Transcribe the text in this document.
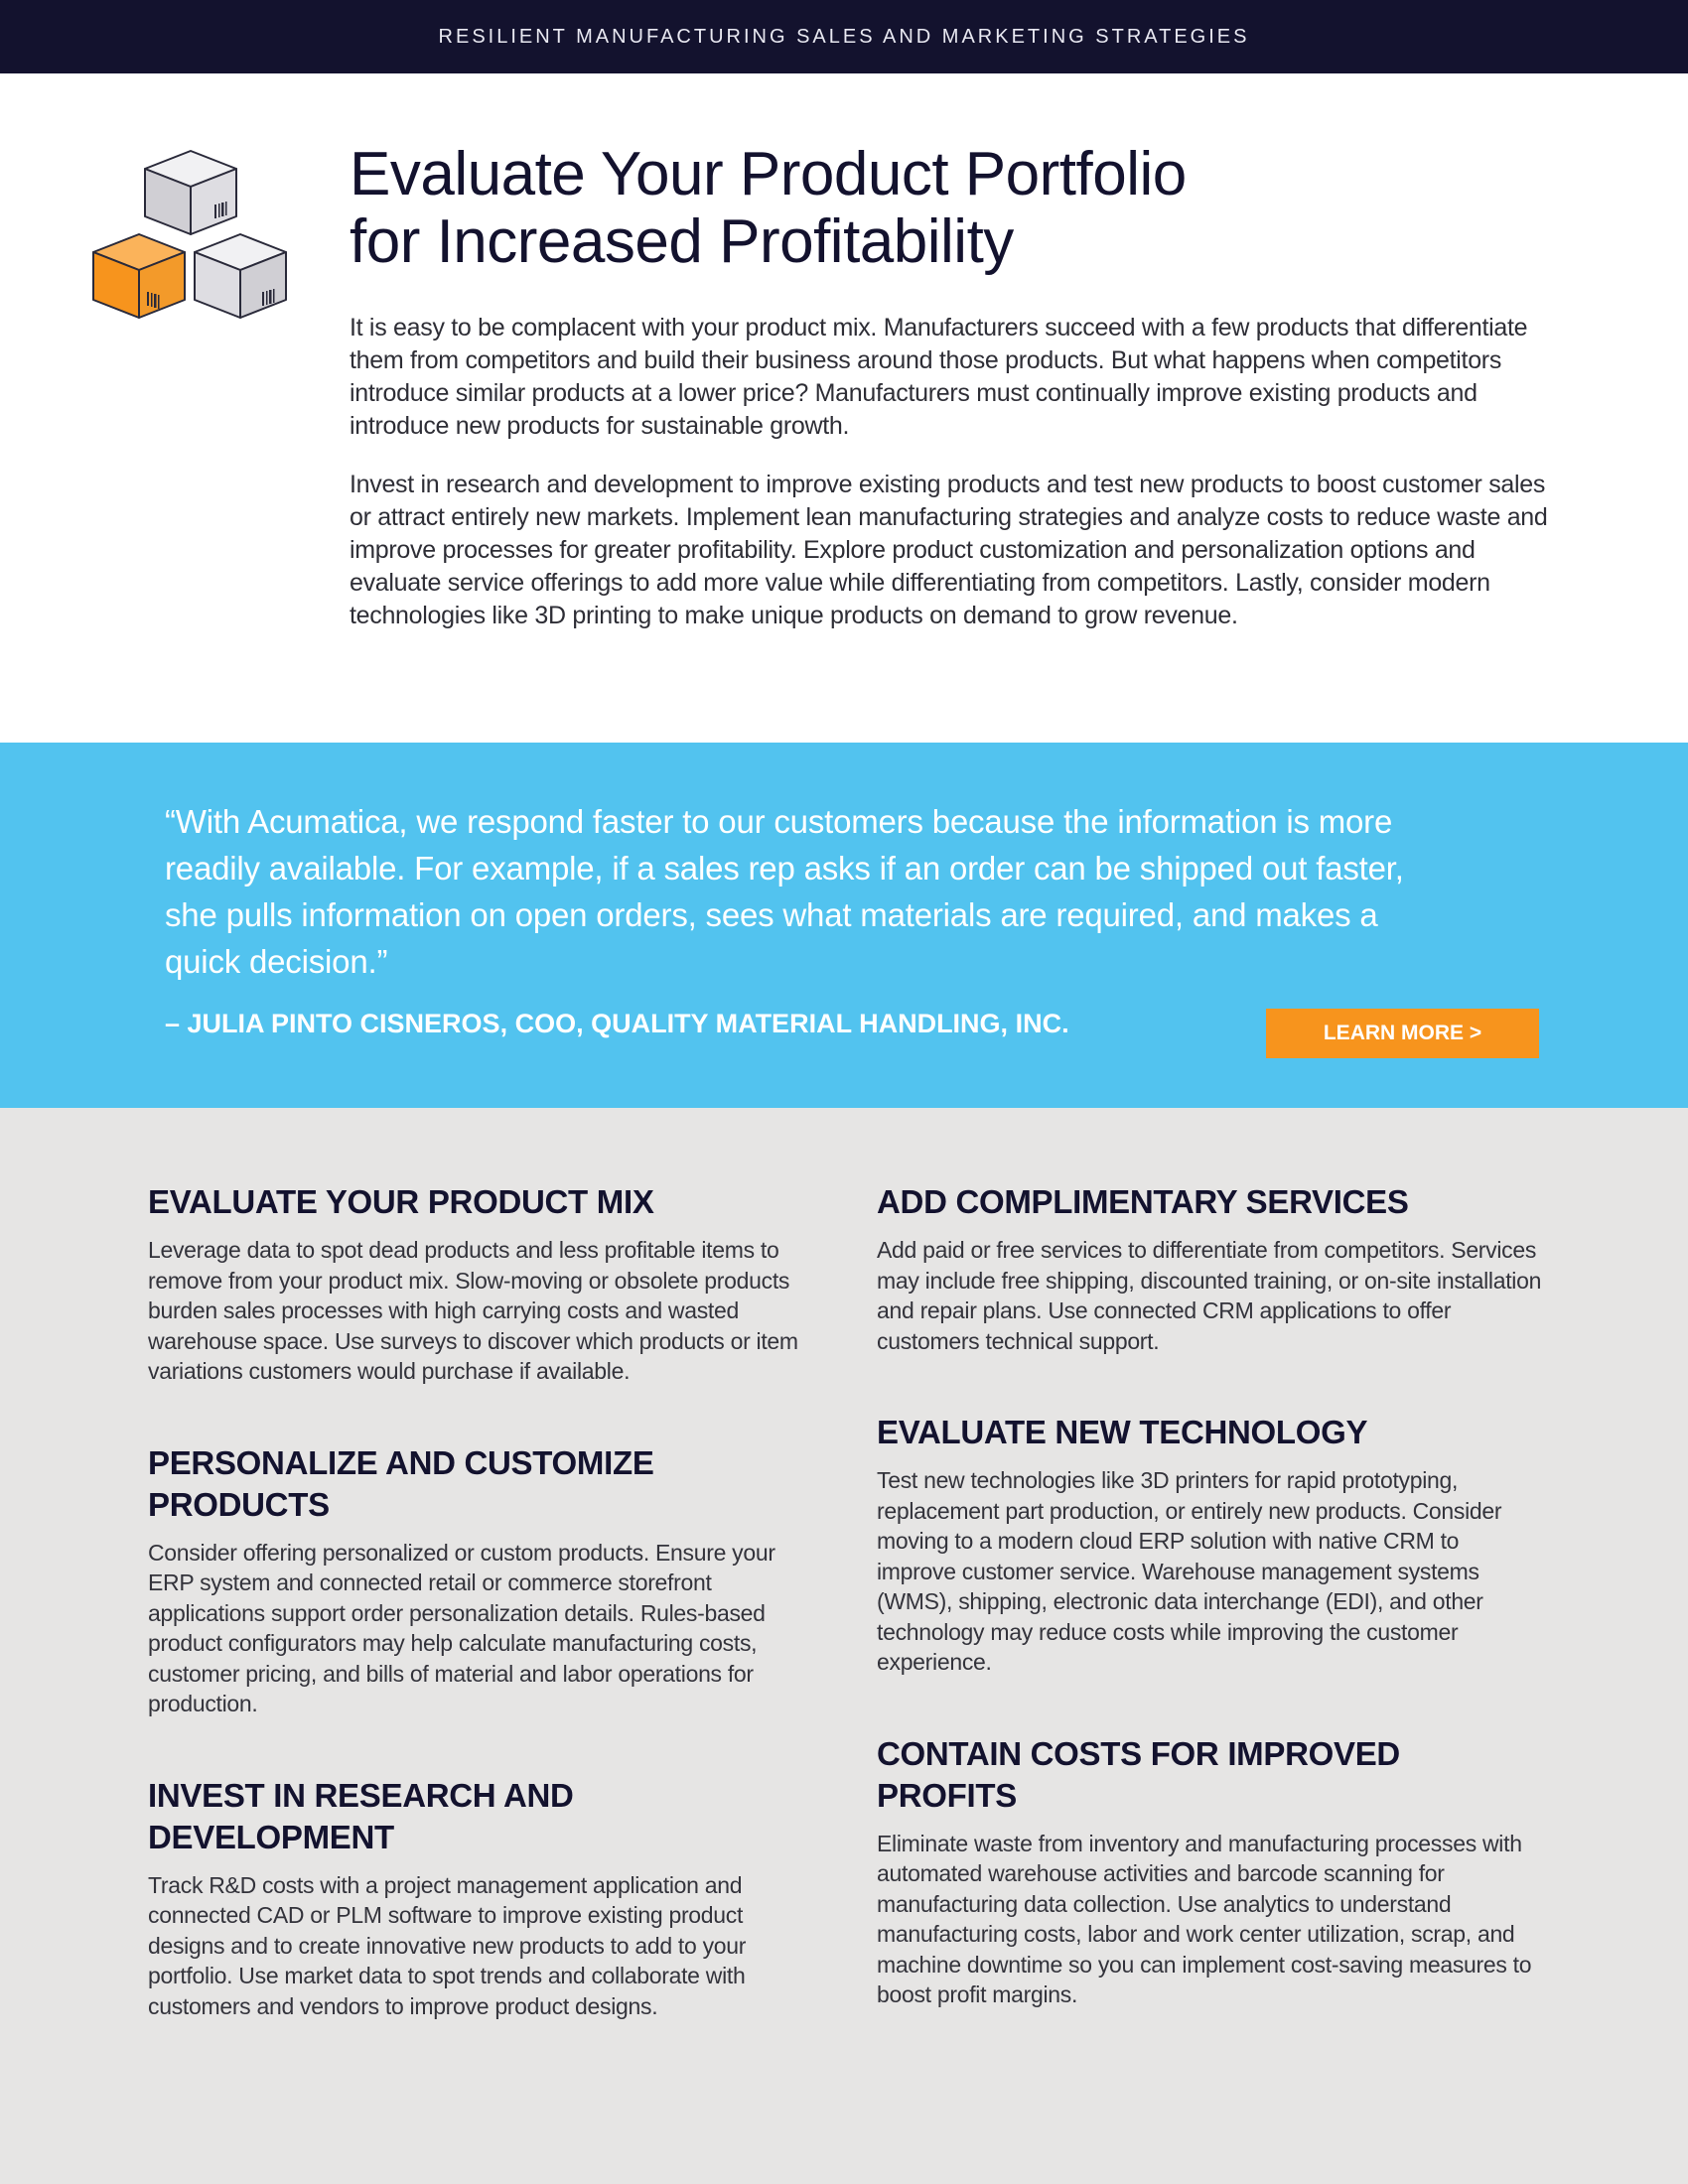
RESILIENT MANUFACTURING SALES AND MARKETING STRATEGIES
Evaluate Your Product Portfolio
for Increased Profitability

It is easy to be complacent with your product mix. Manufacturers succeed with a few products that differentiate them from competitors and build their business around those products. But what happens when competitors introduce similar products at a lower price? Manufacturers must continually improve existing products and introduce new products for sustainable growth.

Invest in research and development to improve existing products and test new products to boost customer sales or attract entirely new markets. Implement lean manufacturing strategies and analyze costs to reduce waste and improve processes for greater profitability. Explore product customization and personalization options and evaluate service offerings to add more value while differentiating from competitors. Lastly, consider modern technologies like 3D printing to make unique products on demand to grow revenue.

“With Acumatica, we respond faster to our customers because the information is more readily available. For example, if a sales rep asks if an order can be shipped out faster, she pulls information on open orders, sees what materials are required, and makes a quick decision.”

– JULIA PINTO CISNEROS, COO, QUALITY MATERIAL HANDLING, INC.	LEARN MORE >
EVALUATE YOUR PRODUCT MIX

Leverage data to spot dead products and less profitable items to remove from your product mix. Slow-moving or obsolete products burden sales processes with high carrying costs and wasted warehouse space. Use surveys to discover which products or item variations customers would purchase if available.

PERSONALIZE AND CUSTOMIZE PRODUCTS

Consider offering personalized or custom products. Ensure your ERP system and connected retail or commerce storefront applications support order personalization details. Rules-based product configurators may help calculate manufacturing costs, customer pricing, and bills of material and labor operations for production.

INVEST IN RESEARCH AND DEVELOPMENT

Track R&D costs with a project management application and connected CAD or PLM software to improve existing product designs and to create innovative new products to add to your portfolio. Use market data to spot trends and collaborate with customers and vendors to improve product designs.

ADD COMPLIMENTARY SERVICES

Add paid or free services to differentiate from competitors. Services may include free shipping, discounted training, or on-site installation and repair plans. Use connected CRM applications to offer customers technical support.

EVALUATE NEW TECHNOLOGY

Test new technologies like 3D printers for rapid prototyping, replacement part production, or entirely new products. Consider moving to a modern cloud ERP solution with native CRM to improve customer service. Warehouse management systems (WMS), shipping, electronic data interchange (EDI), and other technology may reduce costs while improving the customer experience.

CONTAIN COSTS FOR IMPROVED PROFITS

Eliminate waste from inventory and manufacturing processes with automated warehouse activities and barcode scanning for manufacturing data collection. Use analytics to understand manufacturing costs, labor and work center utilization, scrap, and machine downtime so you can implement cost-saving measures to boost profit margins.
